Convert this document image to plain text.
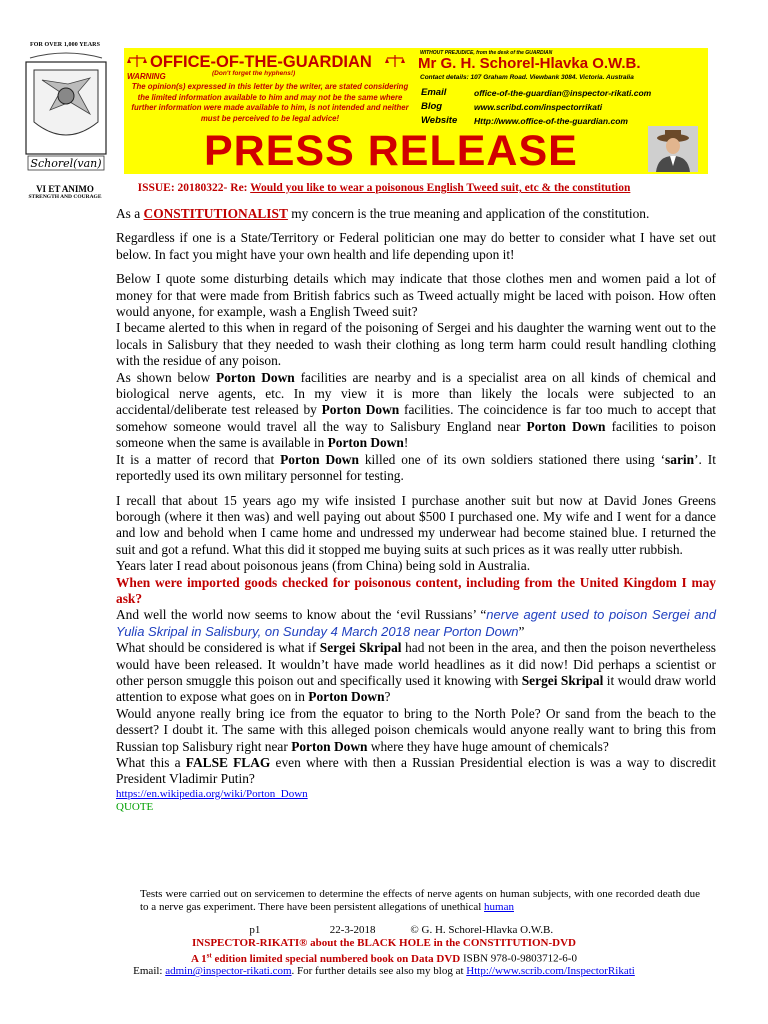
FOR OVER 1,000 YEARS
Schorel(van)
VI ET ANIMO
STRENGTH AND COURAGE
OFFICE-OF-THE-GUARDIAN
(Don't forget the hyphens!)
WARNING
The opinion(s) expressed in this letter by the writer, are stated considering the limited information available to him and may not be the same where further information were made available to him, is not intended and neither must be perceived to be legal advice!
WITHOUT PREJUDICE, from the desk of the GUARDIAN
Mr G. H. Schorel-Hlavka O.W.B.
Contact details: 107 Graham Road. Viewbank 3084. Victoria. Australia
Email	office-of-the-guardian@inspector-rikati.com
Blog	www.scribd.com/inspectorrikati
Website Http://www.office-of-the-guardian.com
PRESS RELEASE
ISSUE: 20180322- Re: Would you like to wear a poisonous English Tweed suit, etc & the constitution

As a CONSTITUTIONALIST my concern is the true meaning and application of the constitution.

Regardless if one is a State/Territory or Federal politician one may do better to consider what I have set out below. In fact you might have your own health and life depending upon it!

Below I quote some disturbing details which may indicate that those clothes men and women paid a lot of money for that were made from British fabrics such as Tweed actually might be laced with poison. How often would anyone, for example, wash a English Tweed suit?

I became alerted to this when in regard of the poisoning of Sergei and his daughter the warning went out to the locals in Salisbury that they needed to wash their clothing as long term harm could result handling clothing with the residue of any poison.

As shown below Porton Down facilities are nearby and is a specialist area on all kinds of chemical and biological nerve agents, etc. In my view it is more than likely the locals were subjected to an accidental/deliberate test released by Porton Down facilities. The coincidence is far too much to accept that somehow someone would travel all the way to Salisbury England near Porton Down facilities to poison someone when the same is available in Porton Down!

It is a matter of record that Porton Down killed one of its own soldiers stationed there using ‘sarin’. It reportedly used its own military personnel for testing.

I recall that about 15 years ago my wife insisted I purchase another suit but now at David Jones Greens borough (where it then was) and well paying out about $500 I purchased one. My wife and I went for a dance and low and behold when I came home and undressed my underwear had become stained blue. I returned the suit and got a refund. What this did it stopped me buying suits at such prices as it was really utter rubbish.

Years later I read about poisonous jeans (from China) being sold in Australia.

When were imported goods checked for poisonous content, including from the United Kingdom I may ask?

And well the world now seems to know about the ‘evil Russians’ “nerve agent used to poison Sergei and Yulia Skripal in Salisbury, on Sunday 4 March 2018 near Porton Down”

What should be considered is what if Sergei Skripal had not been in the area, and then the poison nevertheless would have been released. It wouldn’t have made world headlines as it did now! Did perhaps a scientist or other person smuggle this poison out and specifically used it knowing with Sergei Skripal it would draw world attention to expose what goes on in Porton Down?

Would anyone really bring ice from the equator to bring to the North Pole? Or sand from the beach to the dessert? I doubt it. The same with this alleged poison chemicals would anyone really want to bring this from Russian top Salisbury right near Porton Down where they have huge amount of chemicals?

What this a FALSE FLAG even where with then a Russian Presidential election is was a way to discredit President Vladimir Putin?

https://en.wikipedia.org/wiki/Porton_Down

QUOTE

Tests were carried out on servicemen to determine the effects of nerve agents on human subjects, with one recorded death due to a nerve gas experiment. There have been persistent allegations of unethical human
p1	22-3-2018	© G. H. Schorel-Hlavka O.W.B.
INSPECTOR-RIKATI® about the BLACK HOLE in the CONSTITUTION-DVD
A 1st edition limited special numbered book on Data DVD ISBN 978-0-9803712-6-0
Email: admin@inspector-rikati.com. For further details see also my blog at Http://www.scrib.com/InspectorRikati
